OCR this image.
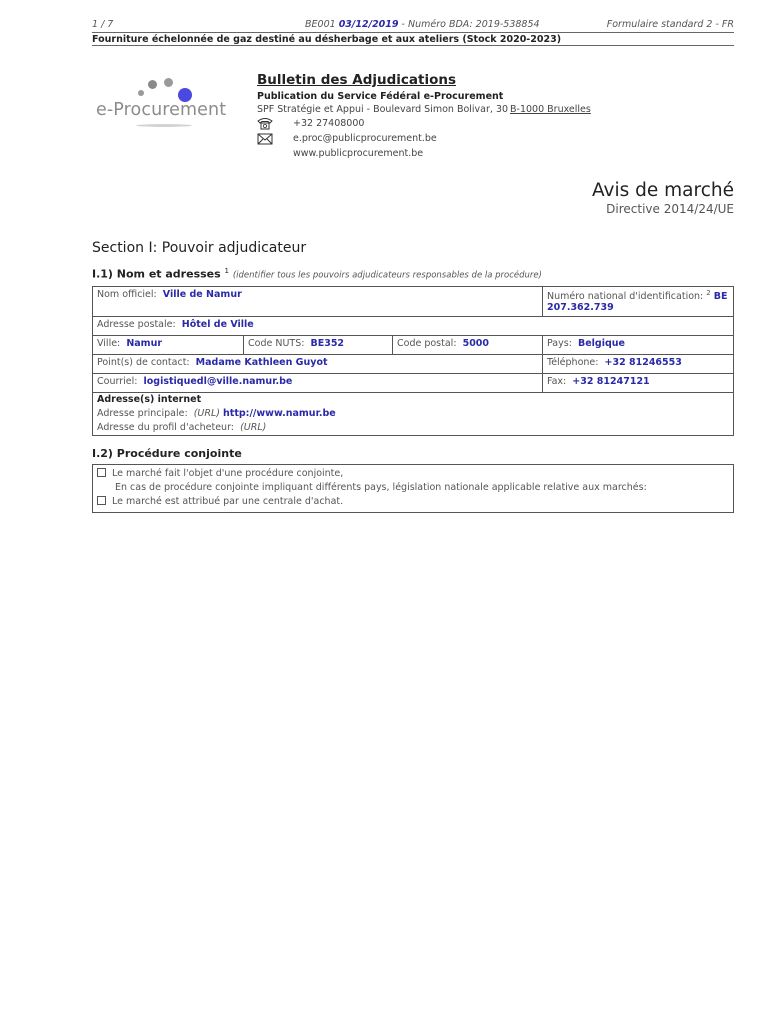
1 / 7	BE001 03/12/2019 - Numéro BDA: 2019-538854	Formulaire standard 2 - FR
Fourniture échelonnée de gaz destiné au désherbage et aux ateliers (Stock 2020-2023)
e-Procurement
Bulletin des Adjudications
Publication du Service Fédéral e-Procurement
SPF Stratégie et Appui - Boulevard Simon Bolivar, 30 B-1000 Bruxelles
+32 27408000
e.proc@publicprocurement.be
www.publicprocurement.be
Avis de marché
Directive 2014/24/UE
Section I: Pouvoir adjudicateur
I.1) Nom et adresses $^1$ (identifier tous les pouvoirs adjudicateurs responsables de la procédure)
Nom officiel: Ville de Namur	Numéro national d'identification: $^2$ BE
207.362.739
Adresse postale: Hôtel de Ville
Ville: Namur	Code NUTS: BE352	Code postal: 5000	Pays: Belgique
Point(s) de contact: Madame Kathleen Guyot	Téléphone: +32 81246553
Courriel: logistiquedl@ville.namur.be	Fax: +32 81247121
Adresse(s) internet
Adresse principale: (URL) http://www.namur.be
Adresse du profil d'acheteur: (URL)
I.2) Procédure conjointe
Le marché fait l'objet d'une procédure conjointe,
En cas de procédure conjointe impliquant différents pays, législation nationale applicable relative aux marchés:
Le marché est attribué par une centrale d'achat.
